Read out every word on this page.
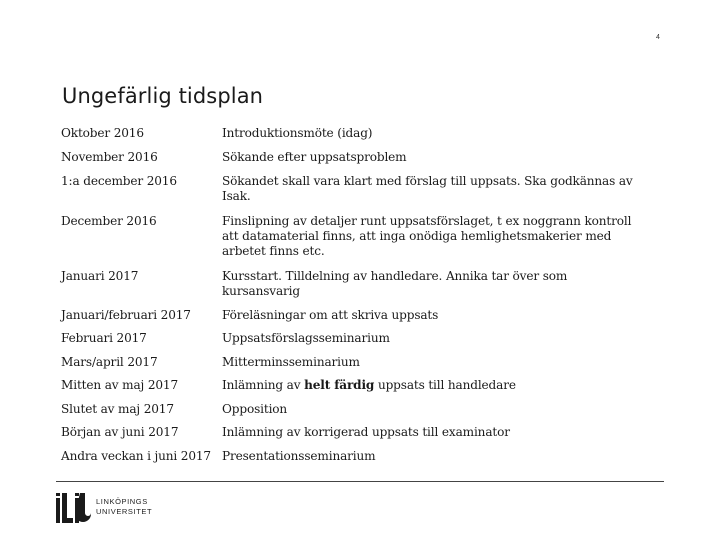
4
Ungefärlig tidsplan
Oktober 2016	Introduktionsmöte (idag)
November 2016	Sökande efter uppsatsproblem
1:a december 2016	Sökandet skall vara klart med förslag till uppsats. Ska godkännas av Isak.
December 2016	Finslipning av detaljer runt uppsatsförslaget, t ex noggrann kontroll att datamaterial finns, att inga onödiga hemlighetsmakerier med arbetet finns etc.
Januari 2017	Kursstart. Tilldelning av handledare. Annika tar över som kursansvarig
Januari/februari 2017	Föreläsningar om att skriva uppsats
Februari 2017	Uppsatsförslagsseminarium
Mars/april 2017	Mitterminsseminarium
Mitten av maj 2017	Inlämning av helt färdig uppsats till handledare
Slutet av maj 2017	Opposition
Början av juni 2017	Inlämning av korrigerad uppsats till examinator
Andra veckan i juni 2017	Presentationsseminarium
LINKÖPINGS
UNIVERSITET
